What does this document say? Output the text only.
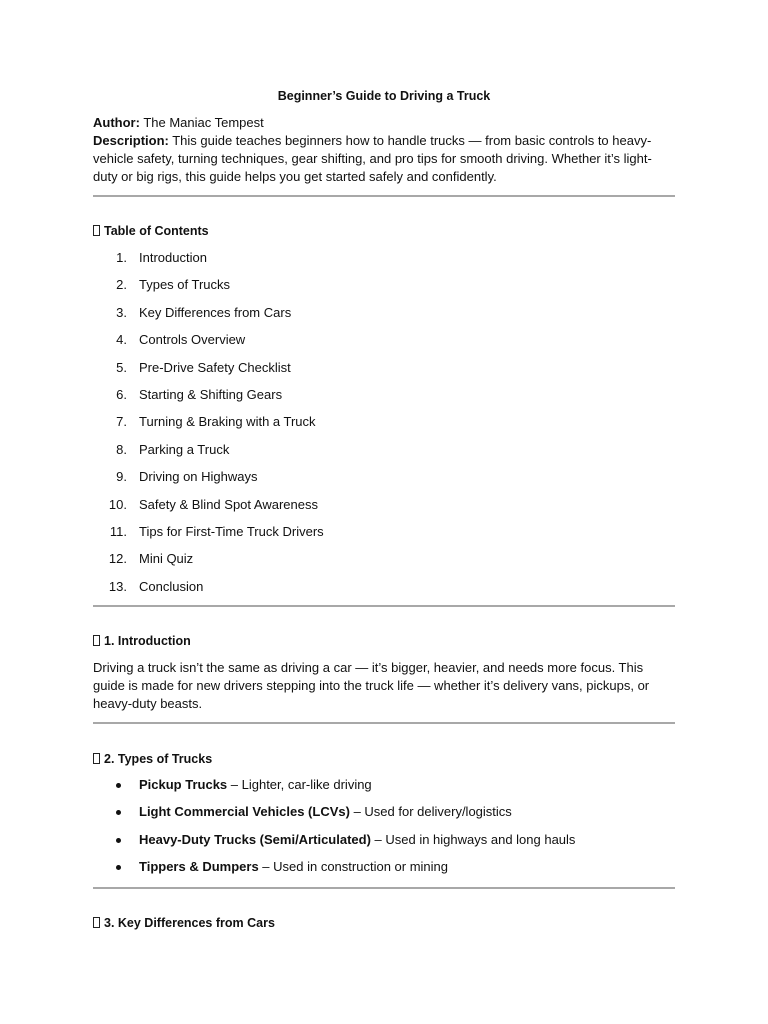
Beginner’s Guide to Driving a Truck
Author: The Maniac Tempest
Description: This guide teaches beginners how to handle trucks — from basic controls to heavy-vehicle safety, turning techniques, gear shifting, and pro tips for smooth driving. Whether it’s light-duty or big rigs, this guide helps you get started safely and confidently.
Table of Contents
1. Introduction
2. Types of Trucks
3. Key Differences from Cars
4. Controls Overview
5. Pre-Drive Safety Checklist
6. Starting & Shifting Gears
7. Turning & Braking with a Truck
8. Parking a Truck
9. Driving on Highways
10. Safety & Blind Spot Awareness
11. Tips for First-Time Truck Drivers
12. Mini Quiz
13. Conclusion
1. Introduction
Driving a truck isn’t the same as driving a car — it’s bigger, heavier, and needs more focus. This guide is made for new drivers stepping into the truck life — whether it’s delivery vans, pickups, or heavy-duty beasts.
2. Types of Trucks
Pickup Trucks – Lighter, car-like driving
Light Commercial Vehicles (LCVs) – Used for delivery/logistics
Heavy-Duty Trucks (Semi/Articulated) – Used in highways and long hauls
Tippers & Dumpers – Used in construction or mining
3. Key Differences from Cars
